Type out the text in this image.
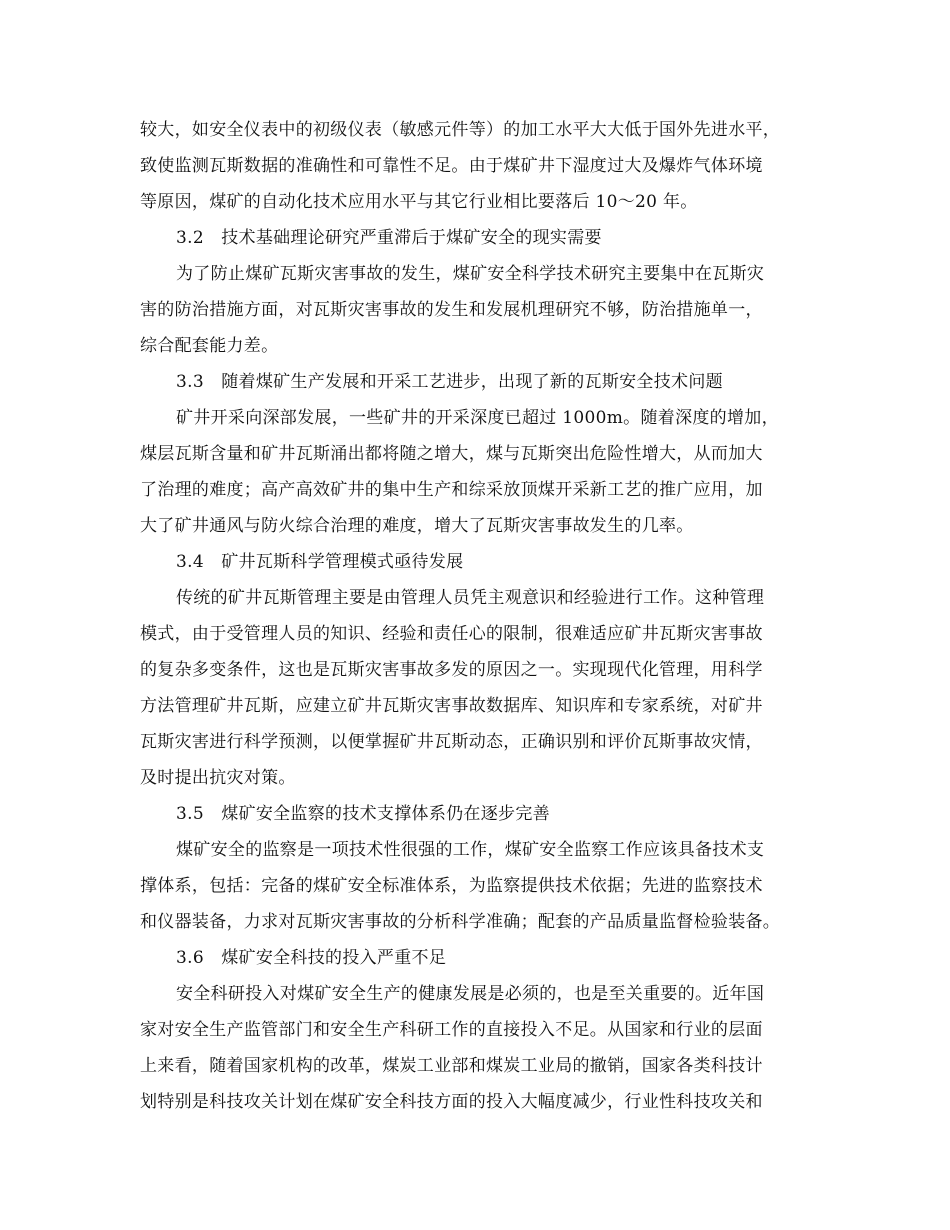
较大，如安全仪表中的初级仪表（敏感元件等）的加工水平大大低于国外先进水平，
致使监测瓦斯数据的准确性和可靠性不足。由于煤矿井下湿度过大及爆炸气体环境
等原因，煤矿的自动化技术应用水平与其它行业相比要落后 10～20 年。
3.2　技术基础理论研究严重滞后于煤矿安全的现实需要
为了防止煤矿瓦斯灾害事故的发生，煤矿安全科学技术研究主要集中在瓦斯灾
害的防治措施方面，对瓦斯灾害事故的发生和发展机理研究不够，防治措施单一，
综合配套能力差。
3.3　随着煤矿生产发展和开采工艺进步，出现了新的瓦斯安全技术问题
矿井开采向深部发展，一些矿井的开采深度已超过 1000m。随着深度的增加，
煤层瓦斯含量和矿井瓦斯涌出都将随之增大，煤与瓦斯突出危险性增大，从而加大
了治理的难度；高产高效矿井的集中生产和综采放顶煤开采新工艺的推广应用，加
大了矿井通风与防火综合治理的难度，增大了瓦斯灾害事故发生的几率。
3.4　矿井瓦斯科学管理模式亟待发展
传统的矿井瓦斯管理主要是由管理人员凭主观意识和经验进行工作。这种管理
模式，由于受管理人员的知识、经验和责任心的限制，很难适应矿井瓦斯灾害事故
的复杂多变条件，这也是瓦斯灾害事故多发的原因之一。实现现代化管理，用科学
方法管理矿井瓦斯，应建立矿井瓦斯灾害事故数据库、知识库和专家系统，对矿井
瓦斯灾害进行科学预测，以便掌握矿井瓦斯动态，正确识别和评价瓦斯事故灾情，
及时提出抗灾对策。
3.5　煤矿安全监察的技术支撑体系仍在逐步完善
煤矿安全的监察是一项技术性很强的工作，煤矿安全监察工作应该具备技术支
撑体系，包括：完备的煤矿安全标准体系，为监察提供技术依据；先进的监察技术
和仪器装备，力求对瓦斯灾害事故的分析科学准确；配套的产品质量监督检验装备。
3.6　煤矿安全科技的投入严重不足
安全科研投入对煤矿安全生产的健康发展是必须的，也是至关重要的。近年国
家对安全生产监管部门和安全生产科研工作的直接投入不足。从国家和行业的层面
上来看，随着国家机构的改革，煤炭工业部和煤炭工业局的撤销，国家各类科技计
划特别是科技攻关计划在煤矿安全科技方面的投入大幅度减少，行业性科技攻关和
